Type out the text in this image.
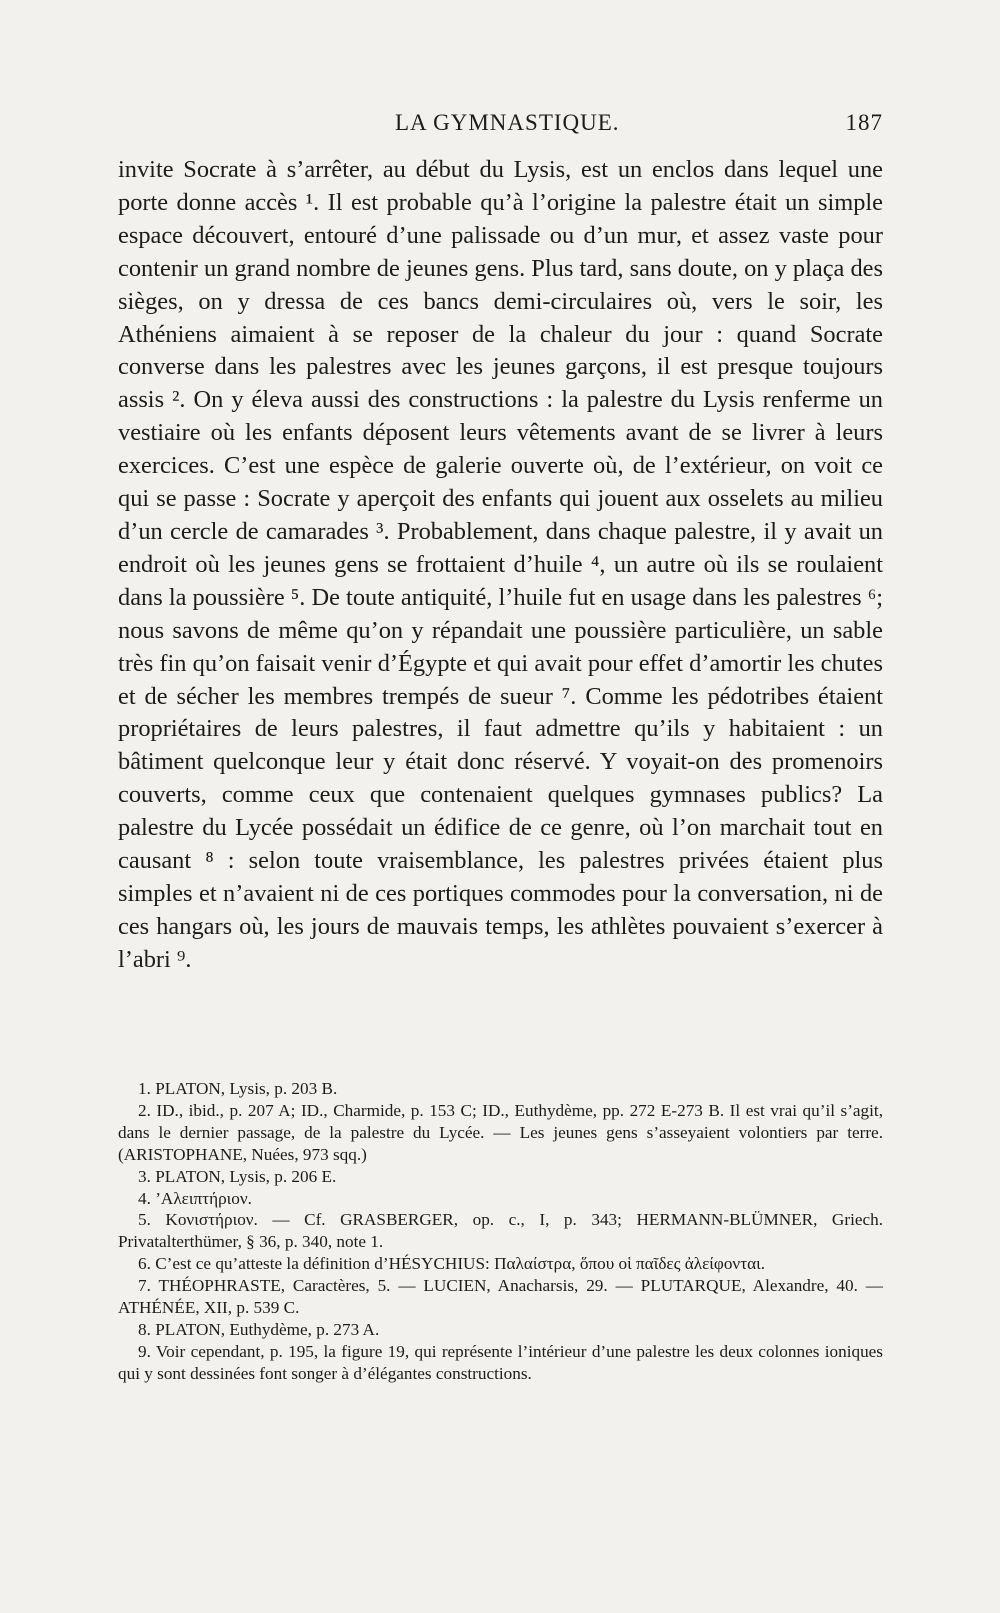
LA GYMNASTIQUE.	187

invite Socrate à s’arrêter, au début du Lysis, est un enclos dans lequel une porte donne accès ¹. Il est probable qu’à l’origine la palestre était un simple espace découvert, entouré d’une palissade ou d’un mur, et assez vaste pour contenir un grand nombre de jeunes gens. Plus tard, sans doute, on y plaça des sièges, on y dressa de ces bancs demi-circulaires où, vers le soir, les Athéniens aimaient à se reposer de la chaleur du jour : quand Socrate converse dans les palestres avec les jeunes garçons, il est presque toujours assis ². On y éleva aussi des constructions : la palestre du Lysis renferme un vestiaire où les enfants déposent leurs vêtements avant de se livrer à leurs exercices. C’est une espèce de galerie ouverte où, de l’extérieur, on voit ce qui se passe : Socrate y aperçoit des enfants qui jouent aux osselets au milieu d’un cercle de camarades ³. Probablement, dans chaque palestre, il y avait un endroit où les jeunes gens se frottaient d’huile ⁴, un autre où ils se roulaient dans la poussière ⁵. De toute antiquité, l’huile fut en usage dans les palestres ⁶; nous savons de même qu’on y répandait une poussière particulière, un sable très fin qu’on faisait venir d’Égypte et qui avait pour effet d’amortir les chutes et de sécher les membres trempés de sueur ⁷. Comme les pédotribes étaient propriétaires de leurs palestres, il faut admettre qu’ils y habitaient : un bâtiment quelconque leur y était donc réservé. Y voyait-on des promenoirs couverts, comme ceux que contenaient quelques gymnases publics? La palestre du Lycée possédait un édifice de ce genre, où l’on marchait tout en causant ⁸ : selon toute vraisemblance, les palestres privées étaient plus simples et n’avaient ni de ces portiques commodes pour la conversation, ni de ces hangars où, les jours de mauvais temps, les athlètes pouvaient s’exercer à l’abri ⁹.

1. PLATON, Lysis, p. 203 B.

2. ID., ibid., p. 207 A; ID., Charmide, p. 153 C; ID., Euthydème, pp. 272 E-273 B. Il est vrai qu’il s’agit, dans le dernier passage, de la palestre du Lycée. — Les jeunes gens s’asseyaient volontiers par terre. (ARISTOPHANE, Nuées, 973 sqq.)

3. PLATON, Lysis, p. 206 E.

4. ’Αλειπτήριον.

5. Κονιστήριον. — Cf. GRASBERGER, op. c., I, p. 343; HERMANN-BLÜMNER, Griech. Privatalterthümer, § 36, p. 340, note 1.

6. C’est ce qu’atteste la définition d’HÉSYCHIUS: Παλαίστρα, ὅπου οἱ παῖδες ἀλείφονται.

7. THÉOPHRASTE, Caractères, 5. — LUCIEN, Anacharsis, 29. — PLUTARQUE, Alexandre, 40. — ATHÉNÉE, XII, p. 539 C.

8. PLATON, Euthydème, p. 273 A.

9. Voir cependant, p. 195, la figure 19, qui représente l’intérieur d’une palestre les deux colonnes ioniques qui y sont dessinées font songer à d’élégantes constructions.
